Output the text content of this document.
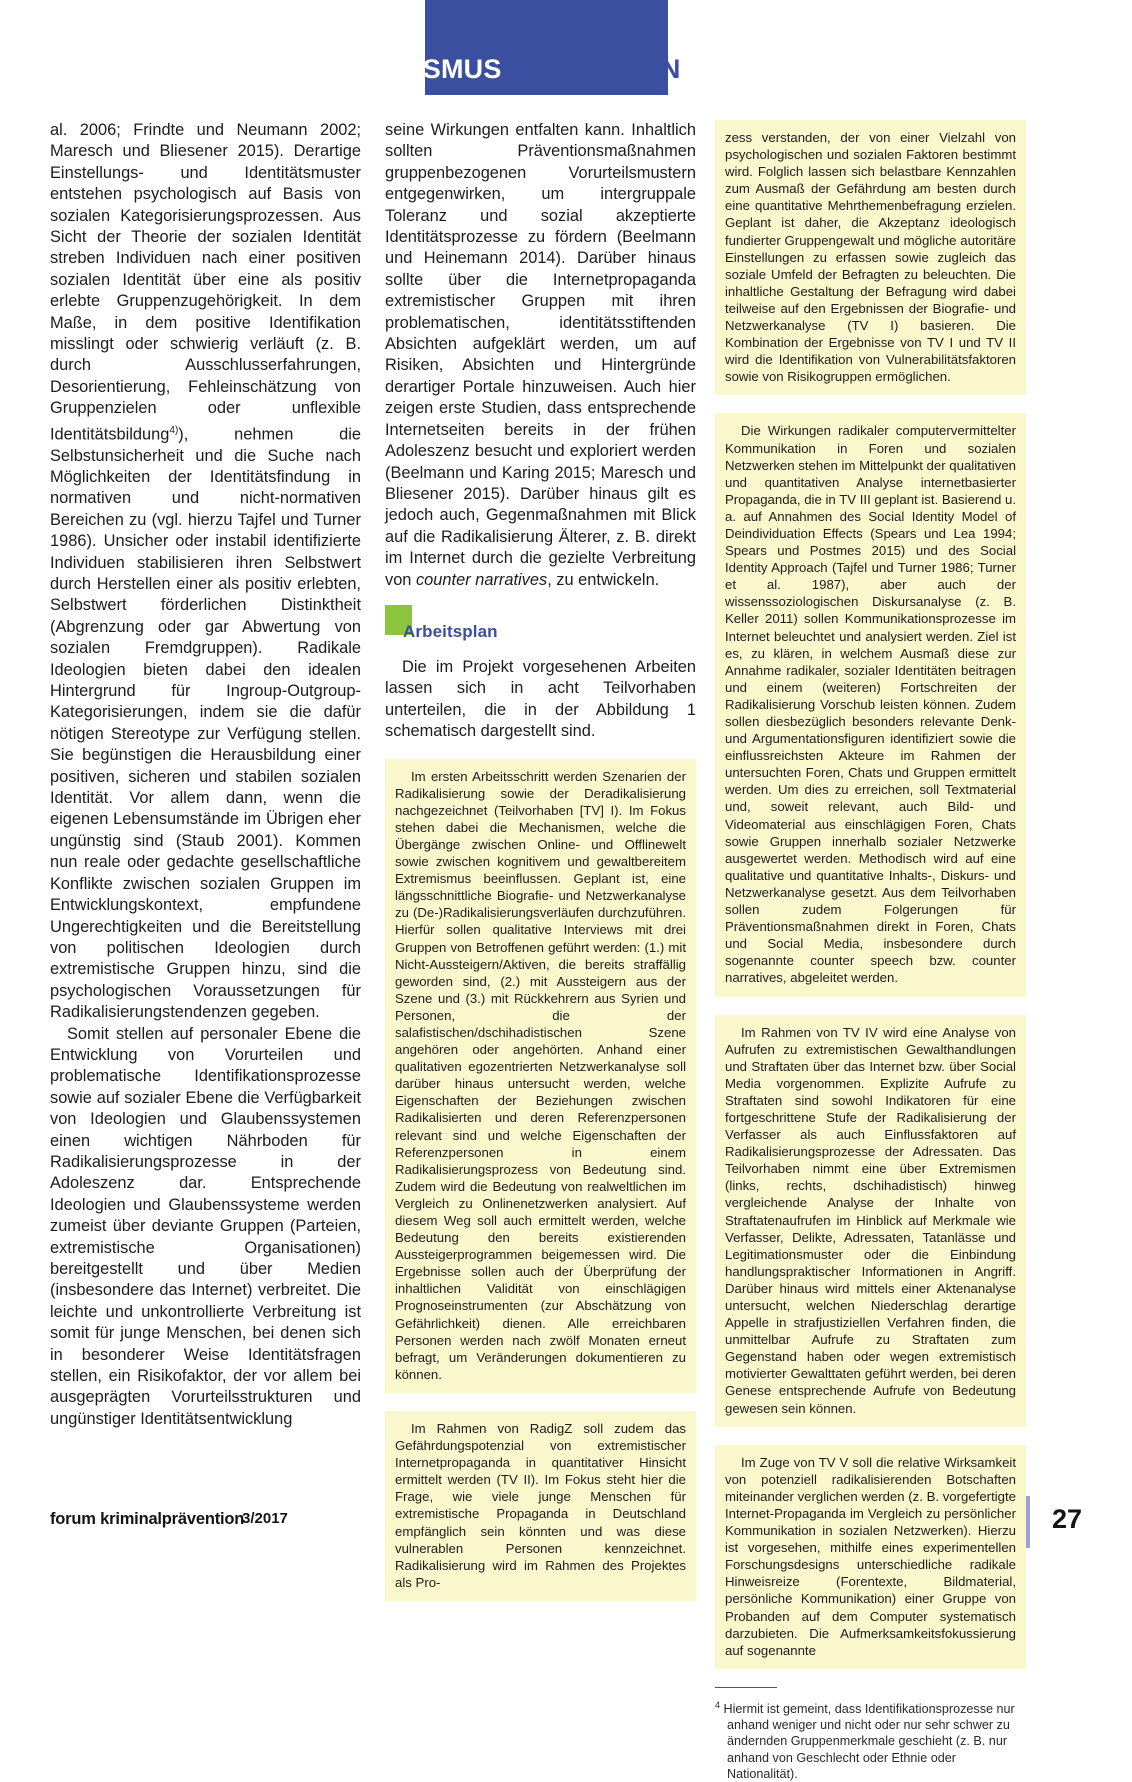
EXTREMISMUSPRÄVENTION

al. 2006; Frindte und Neumann 2002; Maresch und Bliesener 2015). Derartige Einstellungs- und Identitätsmuster entstehen psychologisch auf Basis von sozialen Kategorisierungsprozessen. Aus Sicht der Theorie der sozialen Identität streben Individuen nach einer positiven sozialen Identität über eine als positiv erlebte Gruppenzugehörigkeit. In dem Maße, in dem positive Identifikation misslingt oder schwierig verläuft (z. B. durch Ausschlusserfahrungen, Desorientierung, Fehleinschätzung von Gruppenzielen oder unflexible Identitätsbildung$^{4)}$), nehmen die Selbstunsicherheit und die Suche nach Möglichkeiten der Identitätsfindung in normativen und nicht-normativen Bereichen zu (vgl. hierzu Tajfel und Turner 1986). Unsicher oder instabil identifizierte Individuen stabilisieren ihren Selbstwert durch Herstellen einer als positiv erlebten, Selbstwert förderlichen Distinktheit (Abgrenzung oder gar Abwertung von sozialen Fremdgruppen). Radikale Ideologien bieten dabei den idealen Hintergrund für Ingroup-Outgroup-Kategorisierungen, indem sie die dafür nötigen Stereotype zur Verfügung stellen. Sie begünstigen die Herausbildung einer positiven, sicheren und stabilen sozialen Identität. Vor allem dann, wenn die eigenen Lebensumstände im Übrigen eher ungünstig sind (Staub 2001). Kommen nun reale oder gedachte gesellschaftliche Konflikte zwischen sozialen Gruppen im Entwicklungskontext, empfundene Ungerechtigkeiten und die Bereitstellung von politischen Ideologien durch extremistische Gruppen hinzu, sind die psychologischen Voraussetzungen für Radikalisierungstendenzen gegeben.

Somit stellen auf personaler Ebene die Entwicklung von Vorurteilen und problematische Identifikationsprozesse sowie auf sozialer Ebene die Verfügbarkeit von Ideologien und Glaubenssystemen einen wichtigen Nährboden für Radikalisierungsprozesse in der Adoleszenz dar. Entsprechende Ideologien und Glaubenssysteme werden zumeist über deviante Gruppen (Parteien, extremistische Organisationen) bereitgestellt und über Medien (insbesondere das Internet) verbreitet. Die leichte und unkontrollierte Verbreitung ist somit für junge Menschen, bei denen sich in besonderer Weise Identitätsfragen stellen, ein Risikofaktor, der vor allem bei ausgeprägten Vorurteilsstrukturen und ungünstiger Identitätsentwicklung

seine Wirkungen entfalten kann. Inhaltlich sollten Präventionsmaßnahmen gruppenbezogenen Vorurteilsmustern entgegenwirken, um intergruppale Toleranz und sozial akzeptierte Identitätsprozesse zu fördern (Beelmann und Heinemann 2014). Darüber hinaus sollte über die Internetpropaganda extremistischer Gruppen mit ihren problematischen, identitätsstiftenden Absichten aufgeklärt werden, um auf Risiken, Absichten und Hintergründe derartiger Portale hinzuweisen. Auch hier zeigen erste Studien, dass entsprechende Internetseiten bereits in der frühen Adoleszenz besucht und exploriert werden (Beelmann und Karing 2015; Maresch und Bliesener 2015). Darüber hinaus gilt es jedoch auch, Gegenmaßnahmen mit Blick auf die Radikalisierung Älterer, z. B. direkt im Internet durch die gezielte Verbreitung von counter narratives, zu entwickeln.

Arbeitsplan

Die im Projekt vorgesehenen Arbeiten lassen sich in acht Teilvorhaben unterteilen, die in der Abbildung 1 schematisch dargestellt sind.

Im ersten Arbeitsschritt werden Szenarien der Radikalisierung sowie der Deradikalisierung nachgezeichnet (Teilvorhaben [TV] I). Im Fokus stehen dabei die Mechanismen, welche die Übergänge zwischen Online- und Offlinewelt sowie zwischen kognitivem und gewaltbereitem Extremismus beeinflussen. Geplant ist, eine längsschnittliche Biografie- und Netzwerkanalyse zu (De-)Radikalisierungsverläufen durchzuführen. Hierfür sollen qualitative Interviews mit drei Gruppen von Betroffenen geführt werden: (1.) mit Nicht-Aussteigern/Aktiven, die bereits straffällig geworden sind, (2.) mit Aussteigern aus der Szene und (3.) mit Rückkehrern aus Syrien und Personen, die der salafistischen/dschihadistischen Szene angehören oder angehörten. Anhand einer qualitativen egozentrierten Netzwerkanalyse soll darüber hinaus untersucht werden, welche Eigenschaften der Beziehungen zwischen Radikalisierten und deren Referenzpersonen relevant sind und welche Eigenschaften der Referenzpersonen in einem Radikalisierungsprozess von Bedeutung sind. Zudem wird die Bedeutung von realweltlichen im Vergleich zu Onlinenetzwerken analysiert. Auf diesem Weg soll auch ermittelt werden, welche Bedeutung den bereits existierenden Aussteigerprogrammen beigemessen wird. Die Ergebnisse sollen auch der Überprüfung der inhaltlichen Validität von einschlägigen Prognoseinstrumenten (zur Abschätzung von Gefährlichkeit) dienen. Alle erreichbaren Personen werden nach zwölf Monaten erneut befragt, um Veränderungen dokumentieren zu können.

Im Rahmen von RadigZ soll zudem das Gefährdungspotenzial von extremistischer Internetpropaganda in quantitativer Hinsicht ermittelt werden (TV II). Im Fokus steht hier die Frage, wie viele junge Menschen für extremistische Propaganda in Deutschland empfänglich sein könnten und was diese vulnerablen Personen kennzeichnet. Radikalisierung wird im Rahmen des Projektes als Pro-

zess verstanden, der von einer Vielzahl von psychologischen und sozialen Faktoren bestimmt wird. Folglich lassen sich belastbare Kennzahlen zum Ausmaß der Gefährdung am besten durch eine quantitative Mehrthemenbefragung erzielen. Geplant ist daher, die Akzeptanz ideologisch fundierter Gruppengewalt und mögliche autoritäre Einstellungen zu erfassen sowie zugleich das soziale Umfeld der Befragten zu beleuchten. Die inhaltliche Gestaltung der Befragung wird dabei teilweise auf den Ergebnissen der Biografie- und Netzwerkanalyse (TV I) basieren. Die Kombination der Ergebnisse von TV I und TV II wird die Identifikation von Vulnerabilitätsfaktoren sowie von Risikogruppen ermöglichen.

Die Wirkungen radikaler computervermittelter Kommunikation in Foren und sozialen Netzwerken stehen im Mittelpunkt der qualitativen und quantitativen Analyse internetbasierter Propaganda, die in TV III geplant ist. Basierend u. a. auf Annahmen des Social Identity Model of Deindividuation Effects (Spears und Lea 1994; Spears und Postmes 2015) und des Social Identity Approach (Tajfel und Turner 1986; Turner et al. 1987), aber auch der wissenssoziologischen Diskursanalyse (z. B. Keller 2011) sollen Kommunikationsprozesse im Internet beleuchtet und analysiert werden. Ziel ist es, zu klären, in welchem Ausmaß diese zur Annahme radikaler, sozialer Identitäten beitragen und einem (weiteren) Fortschreiten der Radikalisierung Vorschub leisten können. Zudem sollen diesbezüglich besonders relevante Denk- und Argumentationsfiguren identifiziert sowie die einflussreichsten Akteure im Rahmen der untersuchten Foren, Chats und Gruppen ermittelt werden. Um dies zu erreichen, soll Textmaterial und, soweit relevant, auch Bild- und Videomaterial aus einschlägigen Foren, Chats sowie Gruppen innerhalb sozialer Netzwerke ausgewertet werden. Methodisch wird auf eine qualitative und quantitative Inhalts-, Diskurs- und Netzwerkanalyse gesetzt. Aus dem Teilvorhaben sollen zudem Folgerungen für Präventionsmaßnahmen direkt in Foren, Chats und Social Media, insbesondere durch sogenannte counter speech bzw. counter narratives, abgeleitet werden.

Im Rahmen von TV IV wird eine Analyse von Aufrufen zu extremistischen Gewalthandlungen und Straftaten über das Internet bzw. über Social Media vorgenommen. Explizite Aufrufe zu Straftaten sind sowohl Indikatoren für eine fortgeschrittene Stufe der Radikalisierung der Verfasser als auch Einflussfaktoren auf Radikalisierungsprozesse der Adressaten. Das Teilvorhaben nimmt eine über Extremismen (links, rechts, dschihadistisch) hinweg vergleichende Analyse der Inhalte von Straftatenaufrufen im Hinblick auf Merkmale wie Verfasser, Delikte, Adressaten, Tatanlässe und Legitimationsmuster oder die Einbindung handlungspraktischer Informationen in Angriff. Darüber hinaus wird mittels einer Aktenanalyse untersucht, welchen Niederschlag derartige Appelle in strafjustiziellen Verfahren finden, die unmittelbar Aufrufe zu Straftaten zum Gegenstand haben oder wegen extremistisch motivierter Gewalttaten geführt werden, bei deren Genese entsprechende Aufrufe von Bedeutung gewesen sein können.

Im Zuge von TV V soll die relative Wirksamkeit von potenziell radikalisierenden Botschaften miteinander verglichen werden (z. B. vorgefertigte Internet-Propaganda im Vergleich zu persönlicher Kommunikation in sozialen Netzwerken). Hierzu ist vorgesehen, mithilfe eines experimentellen Forschungsdesigns unterschiedliche radikale Hinweisreize (Forentexte, Bildmaterial, persönliche Kommunikation) einer Gruppe von Probanden auf dem Computer systematisch darzubieten. Die Aufmerksamkeitsfokussierung auf sogenannte

$^4$ Hiermit ist gemeint, dass Identifikationsprozesse nur anhand weniger und nicht oder nur sehr schwer zu ändernden Gruppenmerkmale geschieht (z. B. nur anhand von Geschlecht oder Ethnie oder Nationalität).

forum kriminalprävention
3/2017	27
